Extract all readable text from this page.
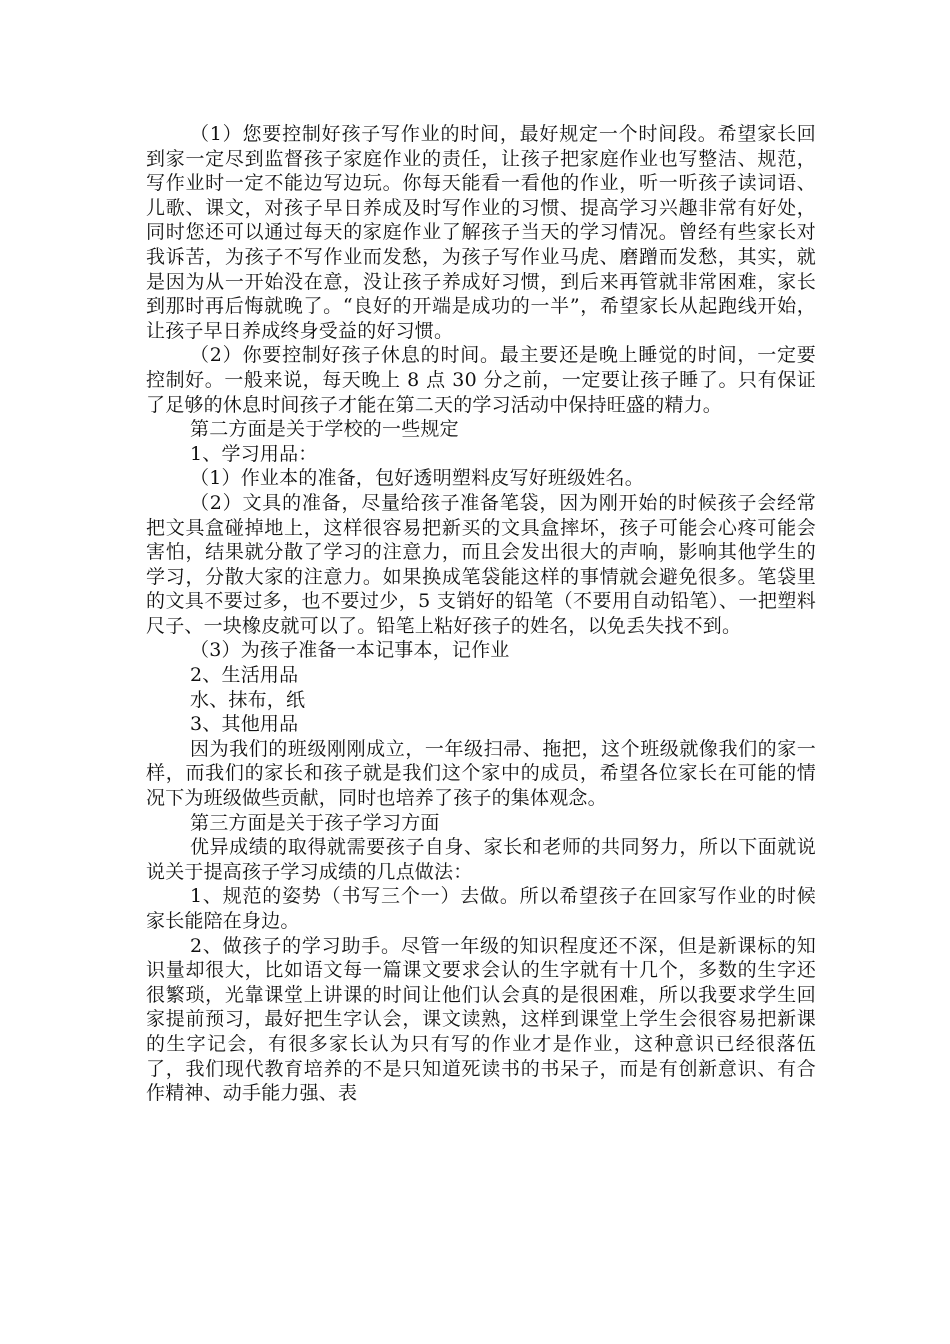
（1）您要控制好孩子写作业的时间，最好规定一个时间段。希望家长回到家一定尽到监督孩子家庭作业的责任，让孩子把家庭作业也写整洁、规范，写作业时一定不能边写边玩。你每天能看一看他的作业，听一听孩子读词语、儿歌、课文，对孩子早日养成及时写作业的习惯、提高学习兴趣非常有好处，同时您还可以通过每天的家庭作业了解孩子当天的学习情况。曾经有些家长对我诉苦，为孩子不写作业而发愁，为孩子写作业马虎、磨蹭而发愁，其实，就是因为从一开始没在意，没让孩子养成好习惯，到后来再管就非常困难，家长到那时再后悔就晚了。“良好的开端是成功的一半”，希望家长从起跑线开始，让孩子早日养成终身受益的好习惯。

（2）你要控制好孩子休息的时间。最主要还是晚上睡觉的时间，一定要控制好。一般来说，每天晚上 8 点 30 分之前，一定要让孩子睡了。只有保证了足够的休息时间孩子才能在第二天的学习活动中保持旺盛的精力。

第二方面是关于学校的一些规定

1、学习用品：

（1）作业本的准备，包好透明塑料皮写好班级姓名。

（2）文具的准备，尽量给孩子准备笔袋，因为刚开始的时候孩子会经常把文具盒碰掉地上，这样很容易把新买的文具盒摔坏，孩子可能会心疼可能会害怕，结果就分散了学习的注意力，而且会发出很大的声响，影响其他学生的学习，分散大家的注意力。如果换成笔袋能这样的事情就会避免很多。笔袋里的文具不要过多，也不要过少，5 支销好的铅笔（不要用自动铅笔）、一把塑料尺子、一块橡皮就可以了。铅笔上粘好孩子的姓名，以免丢失找不到。

（3）为孩子准备一本记事本，记作业

2、生活用品

水、抹布，纸

3、其他用品

因为我们的班级刚刚成立，一年级扫帚、拖把，这个班级就像我们的家一样，而我们的家长和孩子就是我们这个家中的成员，希望各位家长在可能的情况下为班级做些贡献，同时也培养了孩子的集体观念。

第三方面是关于孩子学习方面

优异成绩的取得就需要孩子自身、家长和老师的共同努力，所以下面就说说关于提高孩子学习成绩的几点做法：

1、规范的姿势（书写三个一）去做。所以希望孩子在回家写作业的时候家长能陪在身边。

2、做孩子的学习助手。尽管一年级的知识程度还不深，但是新课标的知识量却很大，比如语文每一篇课文要求会认的生字就有十几个，多数的生字还很繁琐，光靠课堂上讲课的时间让他们认会真的是很困难，所以我要求学生回家提前预习，最好把生字认会，课文读熟，这样到课堂上学生会很容易把新课的生字记会，有很多家长认为只有写的作业才是作业，这种意识已经很落伍了，我们现代教育培养的不是只知道死读书的书呆子，而是有创新意识、有合作精神、动手能力强、表
